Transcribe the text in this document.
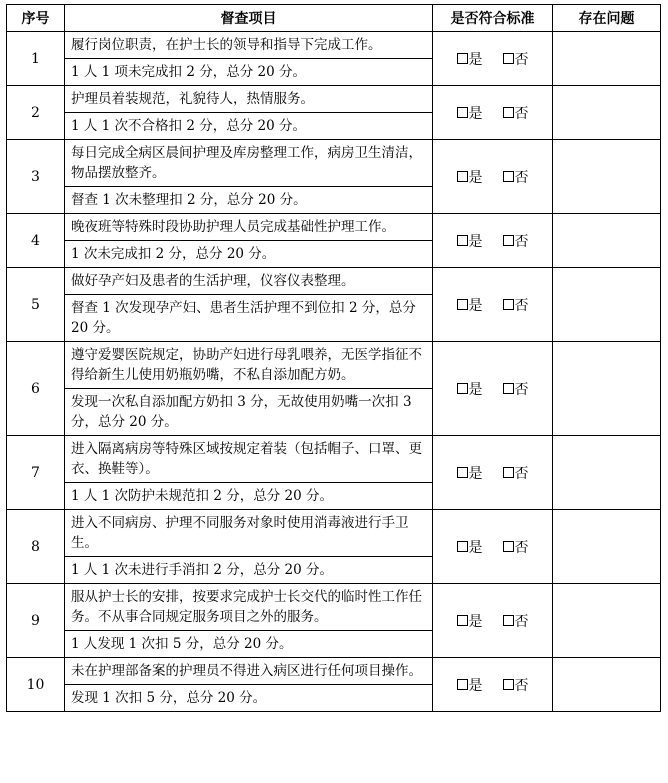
序号	督查项目	是否符合标准	存在问题
1	履行岗位职责，在护士长的领导和指导下完成工作。	是 否	
	1 人 1 项未完成扣 2 分，总分 20 分。		
2	护理员着装规范，礼貌待人，热情服务。	是 否	
	1 人 1 次不合格扣 2 分，总分 20 分。		
3	每日完成全病区晨间护理及库房整理工作，病房卫生清洁，物品摆放整齐。	是 否	
	督查 1 次未整理扣 2 分，总分 20 分。		
4	晚夜班等特殊时段协助护理人员完成基础性护理工作。	是 否	
	1 次未完成扣 2 分，总分 20 分。		
5	做好孕产妇及患者的生活护理，仪容仪表整理。	是 否	
	督查 1 次发现孕产妇、患者生活护理不到位扣 2 分，总分 20 分。		
6	遵守爱婴医院规定，协助产妇进行母乳喂养，无医学指征不得给新生儿使用奶瓶奶嘴，不私自添加配方奶。	是 否	
	发现一次私自添加配方奶扣 3 分，无故使用奶嘴一次扣 3 分，总分 20 分。		
7	进入隔离病房等特殊区域按规定着装（包括帽子、口罩、更衣、换鞋等）。	是 否	
	1 人 1 次防护未规范扣 2 分，总分 20 分。		
8	进入不同病房、护理不同服务对象时使用消毒液进行手卫生。	是 否	
	1 人 1 次未进行手消扣 2 分，总分 20 分。		
9	服从护士长的安排，按要求完成护士长交代的临时性工作任务。不从事合同规定服务项目之外的服务。	是 否	
	1 人发现 1 次扣 5 分，总分 20 分。		
10	未在护理部备案的护理员不得进入病区进行任何项目操作。	是 否	
	发现 1 次扣 5 分，总分 20 分。		
